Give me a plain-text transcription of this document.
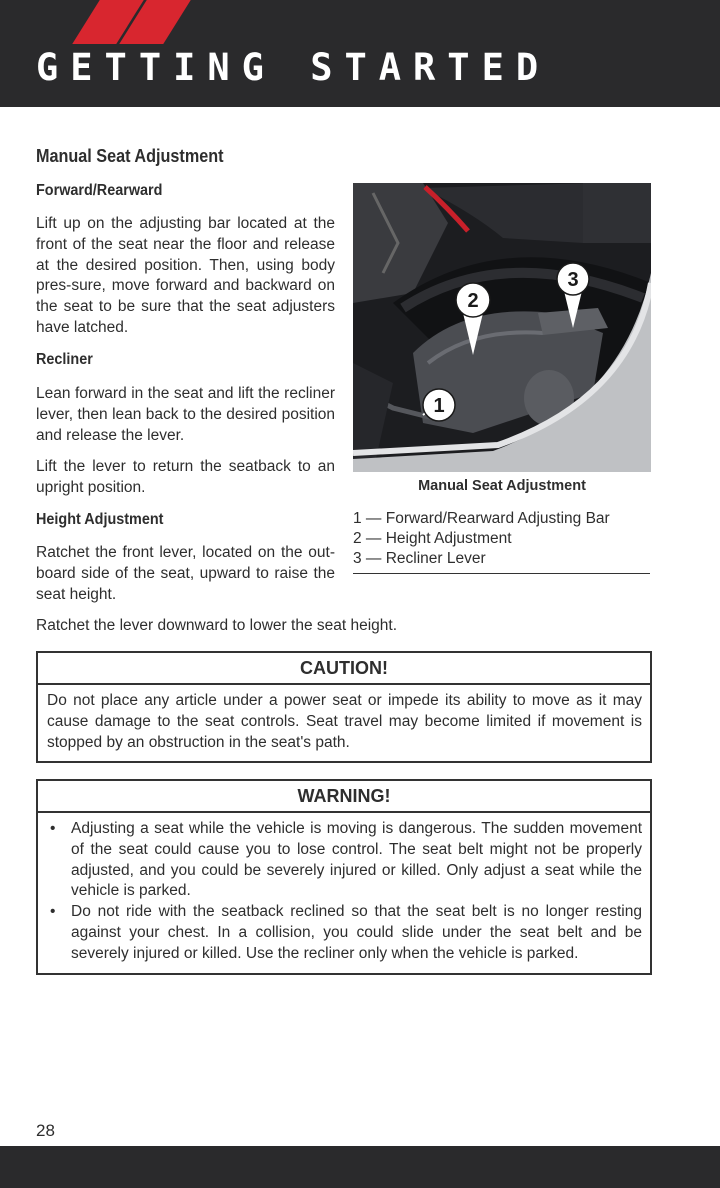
GETTING STARTED
Manual Seat Adjustment

Forward/Rearward

Lift up on the adjusting bar located at the front of the seat near the floor and release at the desired position. Then, using body pres-sure, move forward and backward on the seat to be sure that the seat adjusters have latched.

Recliner

Lean forward in the seat and lift the recliner lever, then lean back to the desired position and release the lever.

Lift the lever to return the seatback to an upright position.

Height Adjustment

Ratchet the front lever, located on the out-board side of the seat, upward to raise the seat height.

Ratchet the lever downward to lower the seat height.

1
2
3
Manual Seat Adjustment
1 — Forward/Rearward Adjusting Bar
2 — Height Adjustment
3 — Recliner Lever
CAUTION!
Do not place any article under a power seat or impede its ability to move as it may cause damage to the seat controls. Seat travel may become limited if movement is stopped by an obstruction in the seat's path.
WARNING!

• Adjusting a seat while the vehicle is moving is dangerous. The sudden movement of the seat could cause you to lose control. The seat belt might not be properly adjusted, and you could be severely injured or killed. Only adjust a seat while the vehicle is parked.

• Do not ride with the seatback reclined so that the seat belt is no longer resting against your chest. In a collision, you could slide under the seat belt and be severely injured or killed. Use the recliner only when the vehicle is parked.

28
